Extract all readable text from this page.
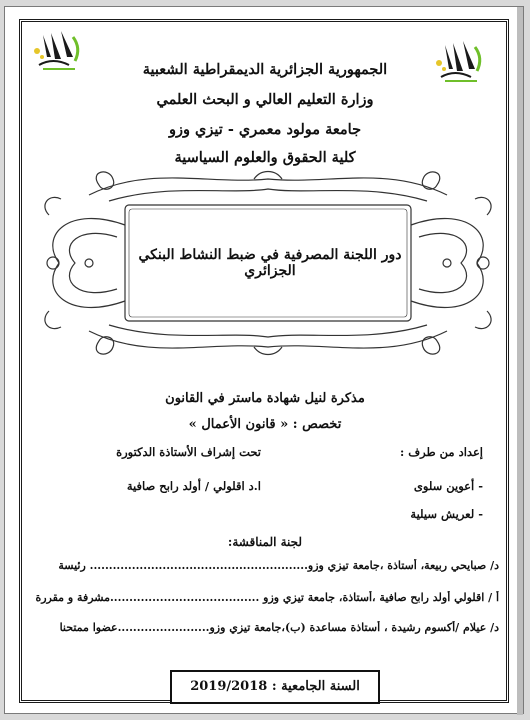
الجمهورية الجزائرية الديمقراطية الشعبية
وزارة التعليم العالي و البحث العلمي
جامعة مولود معمري - تيزي وزو
كلية الحقوق والعلوم السياسية
دور اللجنة المصرفية في ضبط النشاط البنكي الجزائري
مذكرة لنيل شهادة ماستر في القانون
تخصص : « قانون الأعمال »
إعداد من طرف :
تحت إشراف الأستاذة الدكتورة
- أعوين سلوى
ا.د اقلولي / أولد رابح صافية
- لعريش سيلية
لجنة المناقشة:
د/ صبايحي ربيعة، أستاذة ،جامعة تيزي وزو......................................................... رئيسة
أ / اقلولي أولد رابح صافية ،أستاذة، جامعة تيزي وزو .......................................مشرفة و مقررة
د/ عيلام /أكسوم رشيدة ، أستاذة مساعدة (ب)،جامعة تيزي وزو........................عضوا ممتحنا
السنة الجامعية : 2019/2018
